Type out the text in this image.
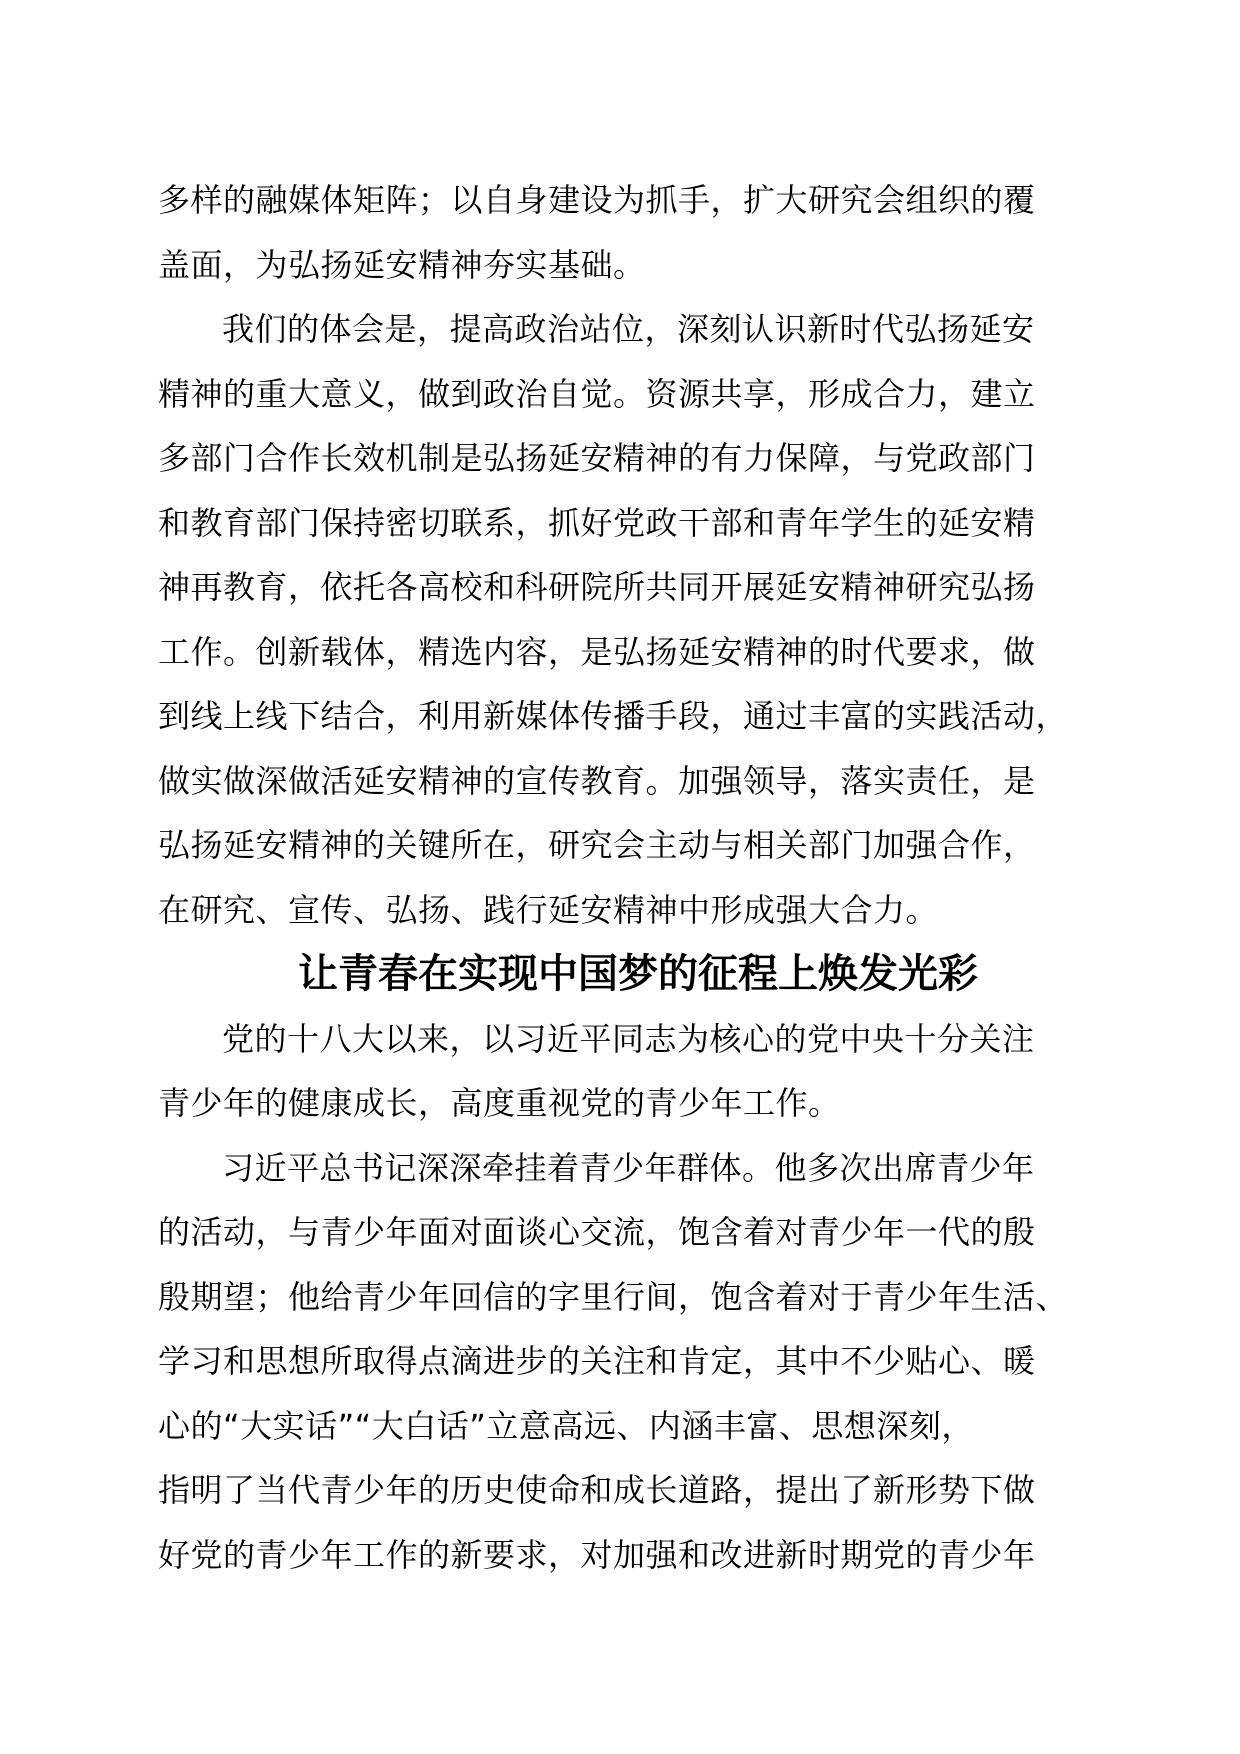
多样的融媒体矩阵；以自身建设为抓手，扩大研究会组织的覆
盖面，为弘扬延安精神夯实基础。
我们的体会是，提高政治站位，深刻认识新时代弘扬延安
精神的重大意义，做到政治自觉。资源共享，形成合力，建立
多部门合作长效机制是弘扬延安精神的有力保障，与党政部门
和教育部门保持密切联系，抓好党政干部和青年学生的延安精
神再教育，依托各高校和科研院所共同开展延安精神研究弘扬
工作。创新载体，精选内容，是弘扬延安精神的时代要求，做
到线上线下结合，利用新媒体传播手段，通过丰富的实践活动，
做实做深做活延安精神的宣传教育。加强领导，落实责任，是
弘扬延安精神的关键所在，研究会主动与相关部门加强合作，
在研究、宣传、弘扬、践行延安精神中形成强大合力。
让青春在实现中国梦的征程上焕发光彩
党的十八大以来，以习近平同志为核心的党中央十分关注
青少年的健康成长，高度重视党的青少年工作。
习近平总书记深深牵挂着青少年群体。他多次出席青少年
的活动，与青少年面对面谈心交流，饱含着对青少年一代的殷
殷期望；他给青少年回信的字里行间，饱含着对于青少年生活、
学习和思想所取得点滴进步的关注和肯定，其中不少贴心、暖
心的“大实话”“大白话”立意高远、内涵丰富、思想深刻，
指明了当代青少年的历史使命和成长道路，提出了新形势下做
好党的青少年工作的新要求，对加强和改进新时期党的青少年
